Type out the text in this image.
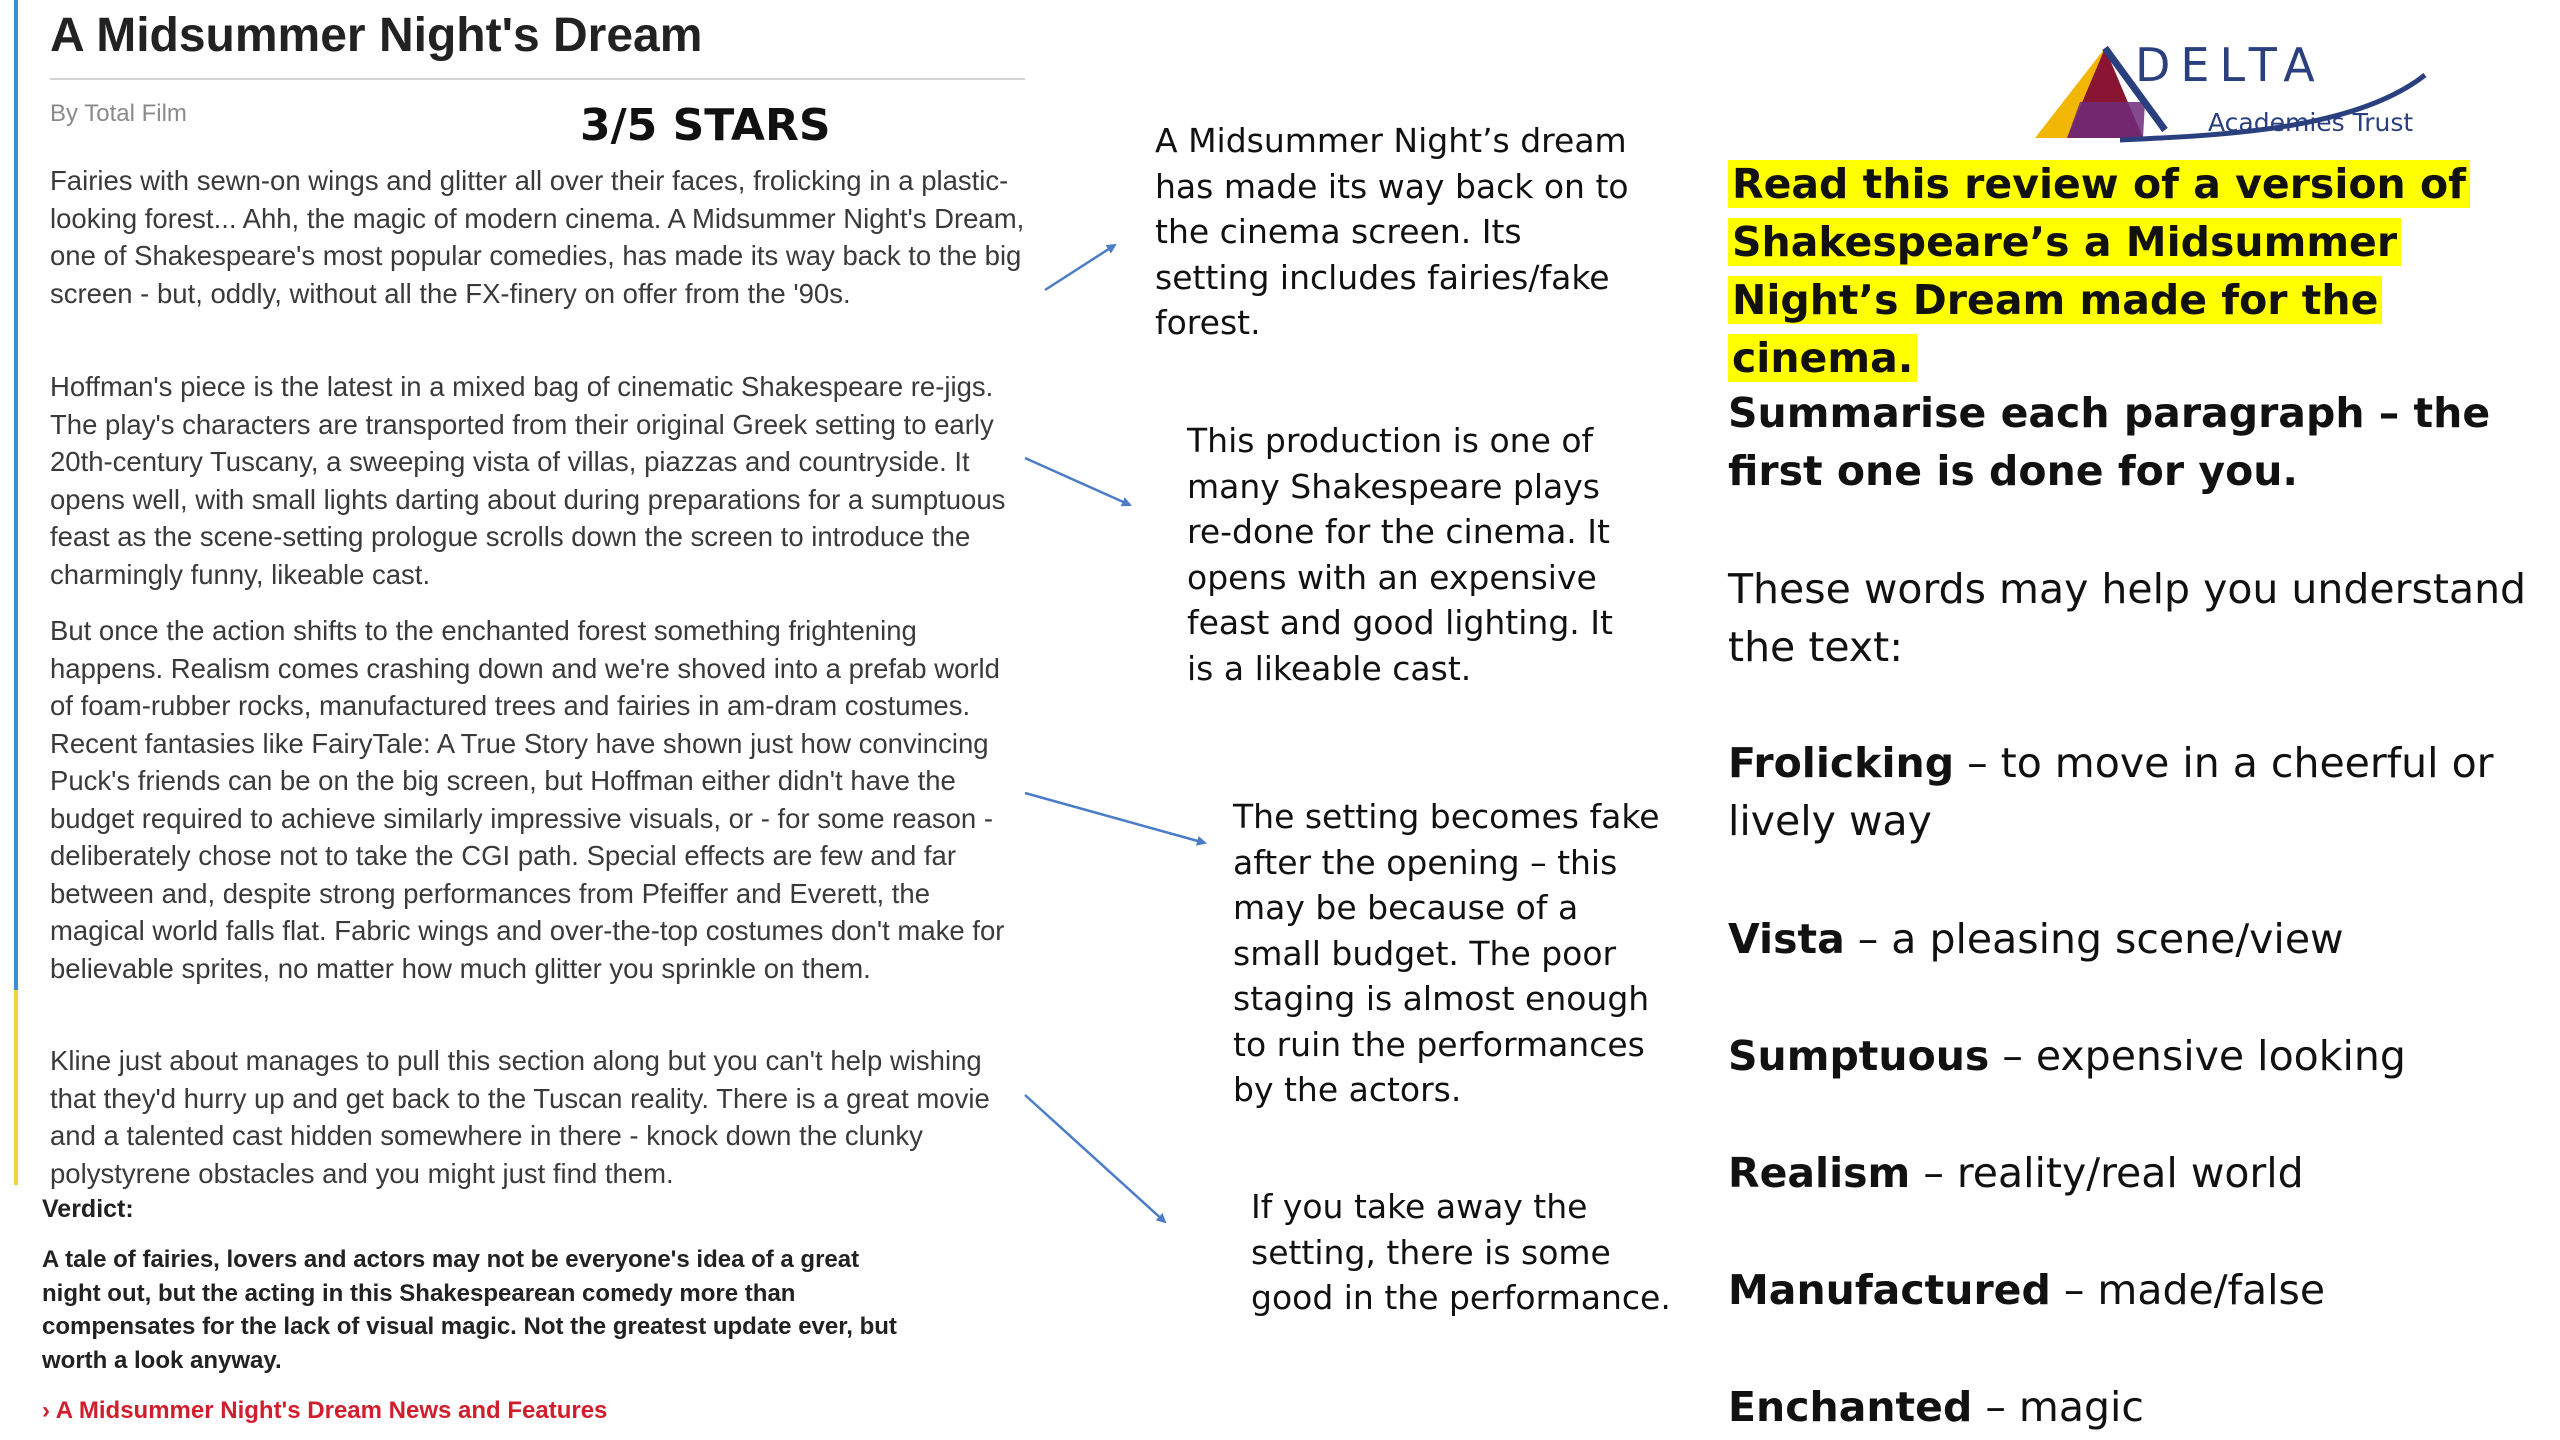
A Midsummer Night's Dream
By Total Film	3/5 STARS

Fairies with sewn-on wings and glitter all over their faces, frolicking in a plastic-looking forest... Ahh, the magic of modern cinema. A Midsummer Night's Dream, one of Shakespeare's most popular comedies, has made its way back to the big screen - but, oddly, without all the FX-finery on offer from the '90s.

Hoffman's piece is the latest in a mixed bag of cinematic Shakespeare re-jigs. The play's characters are transported from their original Greek setting to early 20th-century Tuscany, a sweeping vista of villas, piazzas and countryside. It opens well, with small lights darting about during preparations for a sumptuous feast as the scene-setting prologue scrolls down the screen to introduce the charmingly funny, likeable cast.

But once the action shifts to the enchanted forest something frightening happens. Realism comes crashing down and we're shoved into a prefab world of foam-rubber rocks, manufactured trees and fairies in am-dram costumes. Recent fantasies like FairyTale: A True Story have shown just how convincing Puck's friends can be on the big screen, but Hoffman either didn't have the budget required to achieve similarly impressive visuals, or - for some reason - deliberately chose not to take the CGI path. Special effects are few and far between and, despite strong performances from Pfeiffer and Everett, the magical world falls flat. Fabric wings and over-the-top costumes don't make for believable sprites, no matter how much glitter you sprinkle on them.

Kline just about manages to pull this section along but you can't help wishing that they'd hurry up and get back to the Tuscan reality. There is a great movie and a talented cast hidden somewhere in there - knock down the clunky polystyrene obstacles and you might just find them.

Verdict:

A tale of fairies, lovers and actors may not be everyone's idea of a great night out, but the acting in this Shakespearean comedy more than compensates for the lack of visual magic. Not the greatest update ever, but worth a look anyway.

› A Midsummer Night's Dream News and Features

A Midsummer Night’s dream has made its way back on to the cinema screen. Its setting includes fairies/fake forest.

This production is one of many Shakespeare plays re-done for the cinema. It opens with an expensive feast and good lighting. It is a likeable cast.

The setting becomes fake after the opening – this may be because of a small budget. The poor staging is almost enough to ruin the performances by the actors.

If you take away the setting, there is some good in the performance.

DELTA
Academies Trust

Read this review of a version of Shakespeare’s a Midsummer Night’s Dream made for the cinema.

Summarise each paragraph – the first one is done for you.

These words may help you understand the text:

Frolicking – to move in a cheerful or lively way

Vista – a pleasing scene/view

Sumptuous – expensive looking

Realism – reality/real world

Manufactured – made/false

Enchanted – magic
